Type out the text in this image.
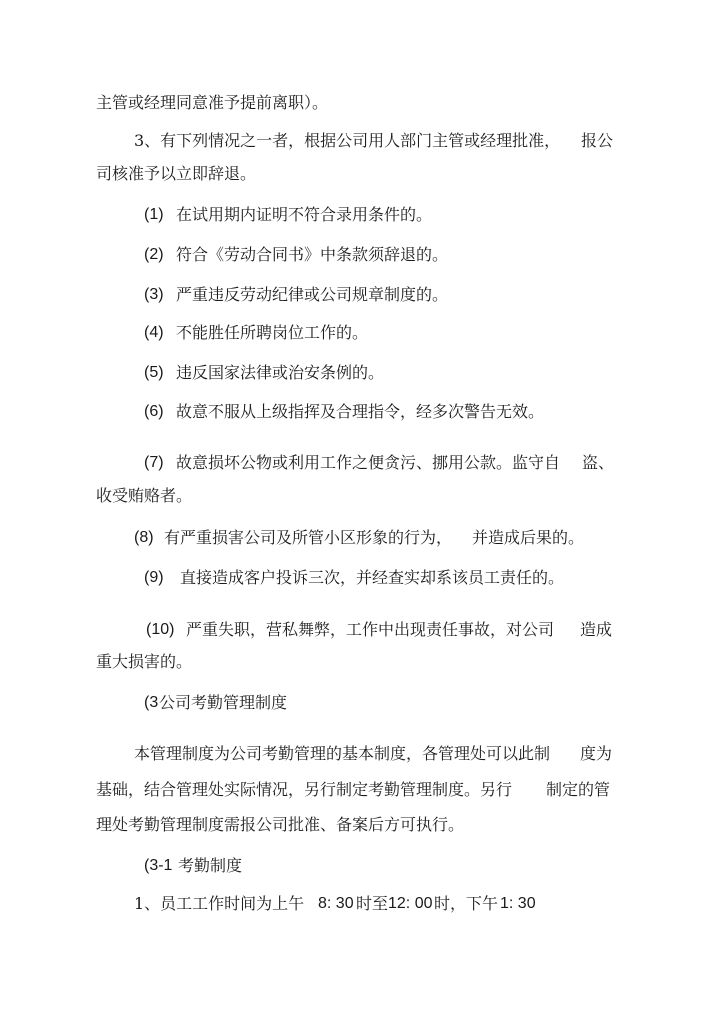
主管或经理同意准予提前离职）。
3、有下列情况之一者，根据公司用人部门主管或经理批准， 报公
司核准予以立即辞退。
(1) 在试用期内证明不符合录用条件的。
(2) 符合《劳动合同书》中条款须辞退的。
(3) 严重违反劳动纪律或公司规章制度的。
(4) 不能胜任所聘岗位工作的。
(5) 违反国家法律或治安条例的。
(6) 故意不服从上级指挥及合理指令，经多次警告无效。
(7) 故意损坏公物或利用工作之便贪污、挪用公款。监守自 盗、
收受贿赂者。
(8) 有严重损害公司及所管小区形象的行为， 并造成后果的。
(9) 直接造成客户投诉三次，并经查实却系该员工责任的。
(10) 严重失职，营私舞弊，工作中出现责任事故，对公司 造成
重大损害的。
(3 公司考勤管理制度
本管理制度为公司考勤管理的基本制度，各管理处可以此制 度为
基础，结合管理处实际情况，另行制定考勤管理制度。另行 制定的管
理处考勤管理制度需报公司批准、备案后方可执行。
(3-1 考勤制度
1、员工工作时间为上午 8: 30 时至 12: 00 时，下午 1: 30
